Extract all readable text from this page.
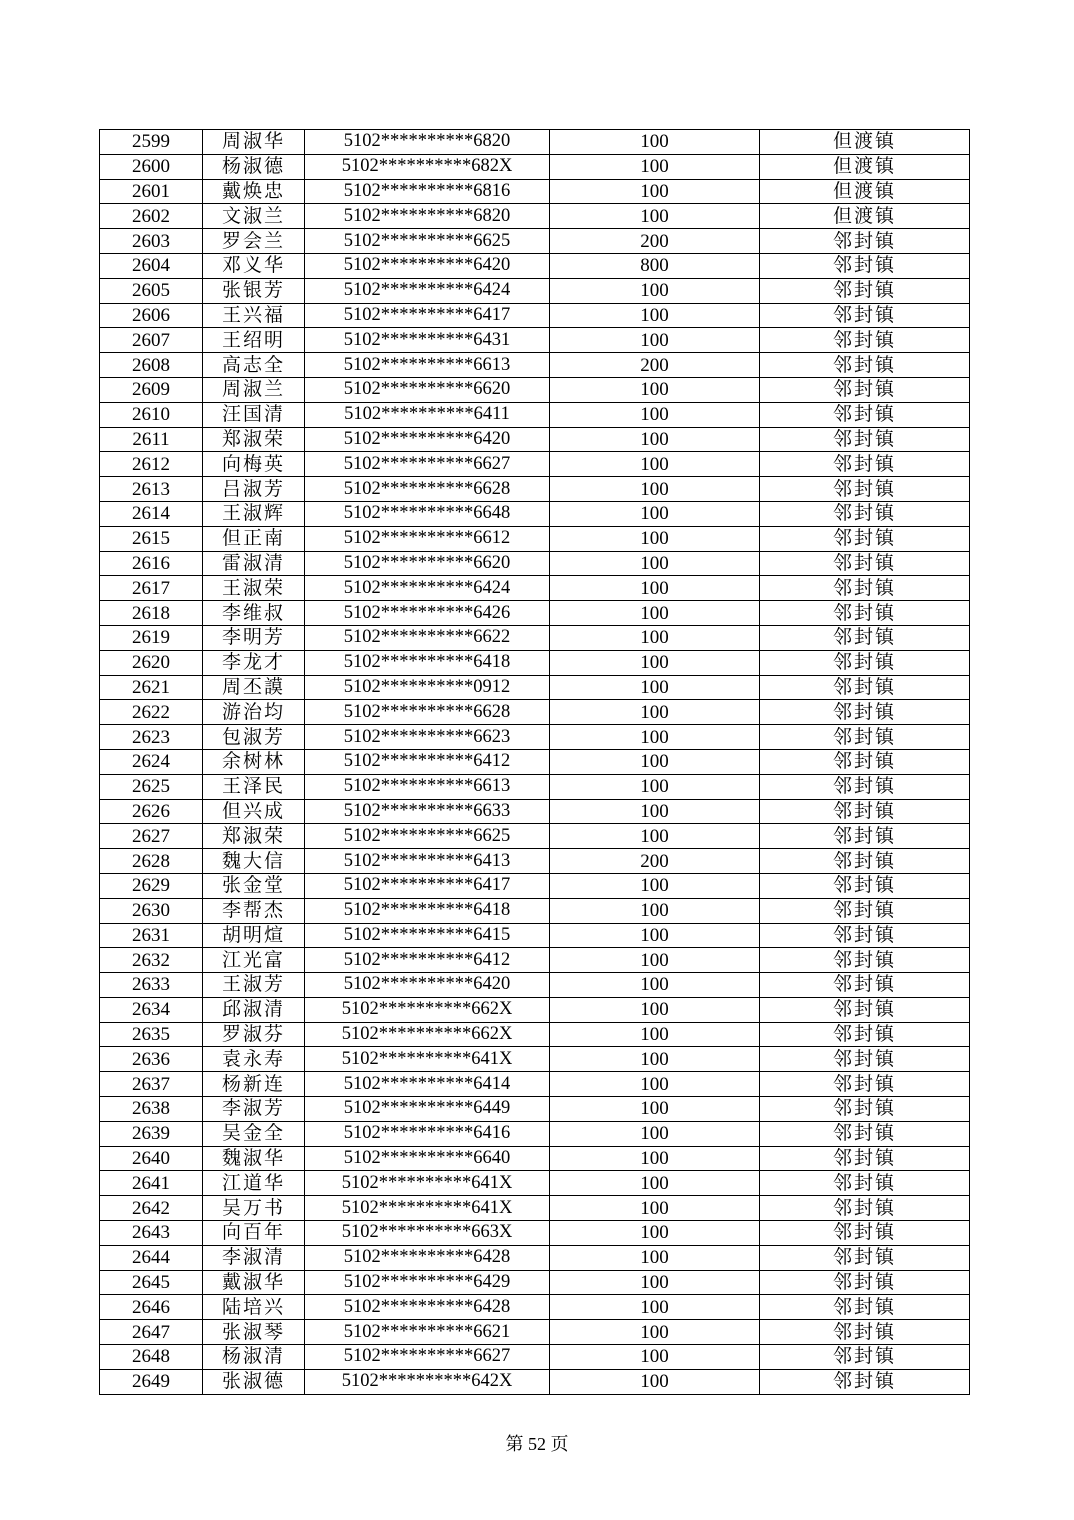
2599	周淑华	5102**********6820	100	但渡镇
2600	杨淑德	5102**********682X	100	但渡镇
2601	戴焕忠	5102**********6816	100	但渡镇
2602	文淑兰	5102**********6820	100	但渡镇
2603	罗会兰	5102**********6625	200	邻封镇
2604	邓义华	5102**********6420	800	邻封镇
2605	张银芳	5102**********6424	100	邻封镇
2606	王兴福	5102**********6417	100	邻封镇
2607	王绍明	5102**********6431	100	邻封镇
2608	高志全	5102**********6613	200	邻封镇
2609	周淑兰	5102**********6620	100	邻封镇
2610	汪国清	5102**********6411	100	邻封镇
2611	郑淑荣	5102**********6420	100	邻封镇
2612	向梅英	5102**********6627	100	邻封镇
2613	吕淑芳	5102**********6628	100	邻封镇
2614	王淑辉	5102**********6648	100	邻封镇
2615	但正南	5102**********6612	100	邻封镇
2616	雷淑清	5102**********6620	100	邻封镇
2617	王淑荣	5102**********6424	100	邻封镇
2618	李维叔	5102**********6426	100	邻封镇
2619	李明芳	5102**********6622	100	邻封镇
2620	李龙才	5102**********6418	100	邻封镇
2621	周丕謨	5102**********0912	100	邻封镇
2622	游治均	5102**********6628	100	邻封镇
2623	包淑芳	5102**********6623	100	邻封镇
2624	余树林	5102**********6412	100	邻封镇
2625	王泽民	5102**********6613	100	邻封镇
2626	但兴成	5102**********6633	100	邻封镇
2627	郑淑荣	5102**********6625	100	邻封镇
2628	魏大信	5102**********6413	200	邻封镇
2629	张金堂	5102**********6417	100	邻封镇
2630	李帮杰	5102**********6418	100	邻封镇
2631	胡明煊	5102**********6415	100	邻封镇
2632	江光富	5102**********6412	100	邻封镇
2633	王淑芳	5102**********6420	100	邻封镇
2634	邱淑清	5102**********662X	100	邻封镇
2635	罗淑芬	5102**********662X	100	邻封镇
2636	袁永寿	5102**********641X	100	邻封镇
2637	杨新连	5102**********6414	100	邻封镇
2638	李淑芳	5102**********6449	100	邻封镇
2639	吴金全	5102**********6416	100	邻封镇
2640	魏淑华	5102**********6640	100	邻封镇
2641	江道华	5102**********641X	100	邻封镇
2642	吴万书	5102**********641X	100	邻封镇
2643	向百年	5102**********663X	100	邻封镇
2644	李淑清	5102**********6428	100	邻封镇
2645	戴淑华	5102**********6429	100	邻封镇
2646	陆培兴	5102**********6428	100	邻封镇
2647	张淑琴	5102**********6621	100	邻封镇
2648	杨淑清	5102**********6627	100	邻封镇
2649	张淑德	5102**********642X	100	邻封镇
第 52 页
